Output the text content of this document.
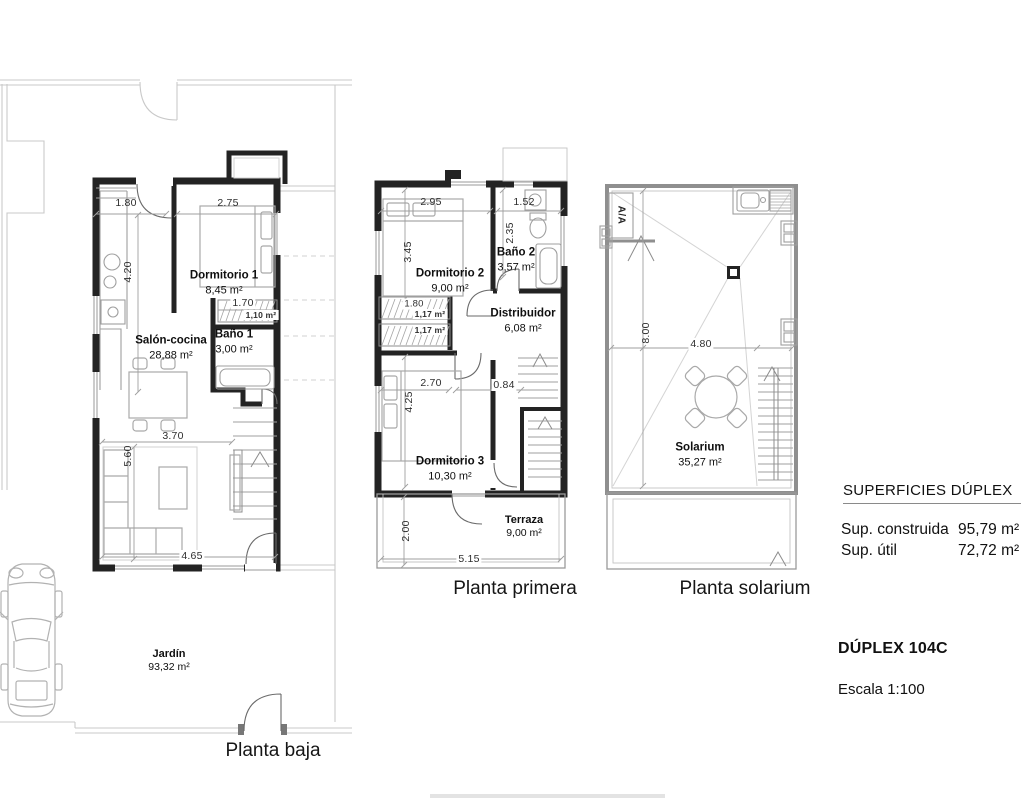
1.80	2.75
4.20
1.70
1,10 m²
3.70
5.60
4.65
2.95	1.52
3.45
2.35
1.80
1,17 m²
1,17 m²
2.70	0.84
4.25
2.00
5.15
8.00
4.80
A/A
Dormitorio 1
8,45 m²
Baño 1
3,00 m²
Salón-cocina
28,88 m²
Jardín
93,32 m²
Dormitorio 2
9,00 m²
Baño 2
3,57 m²
Distribuidor
6,08 m²
Dormitorio 3
10,30 m²
Terraza
9,00 m²
Solarium
35,27 m²
Planta baja
Planta primera	Planta solarium
SUPERFICIES DÚPLEX
Sup. construida 95,79 m²
Sup. útil	72,72 m²
DÚPLEX 104C
Escala 1:100
